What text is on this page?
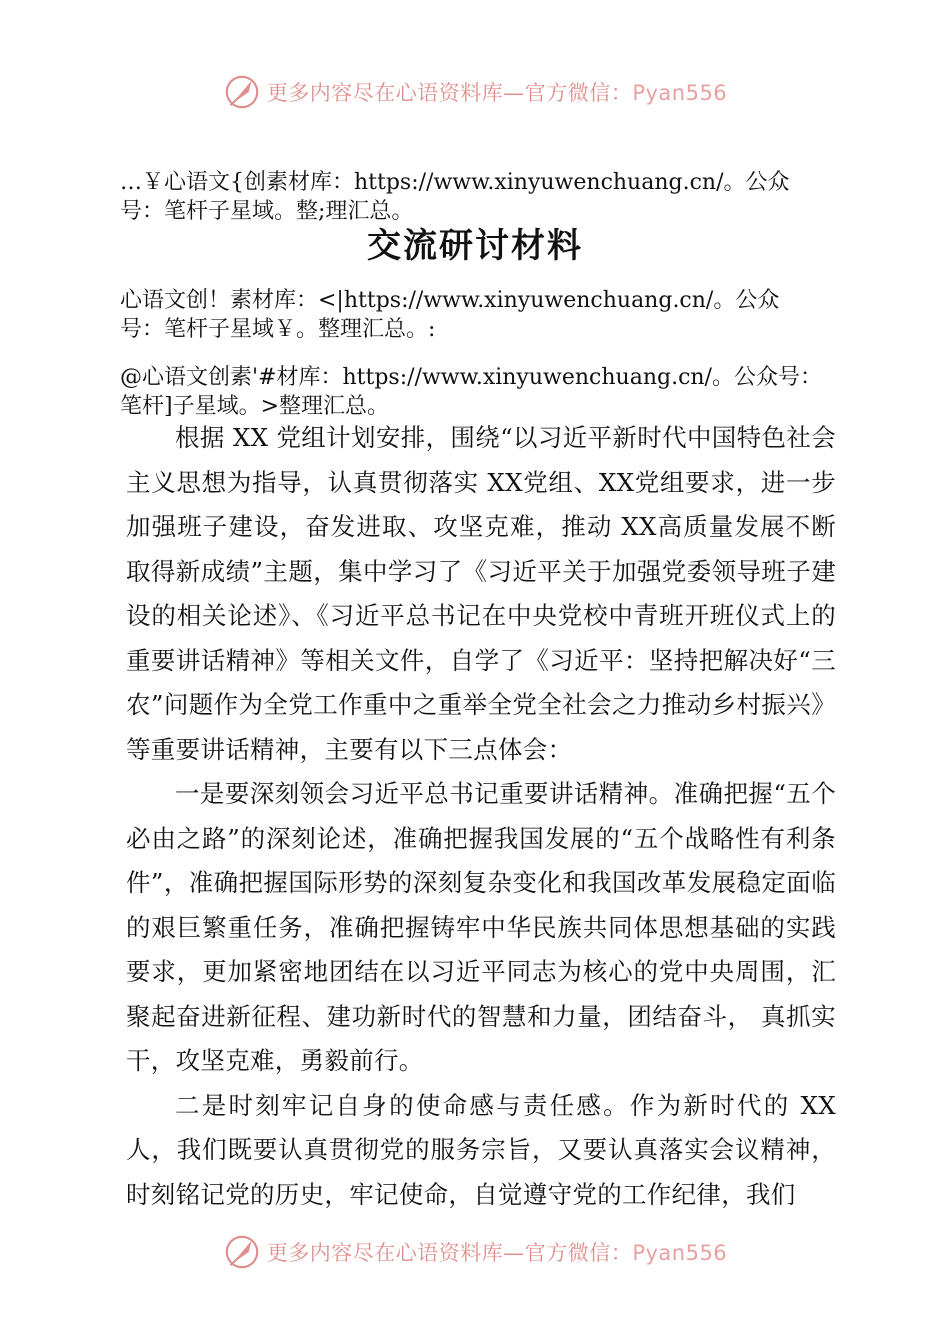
更多内容尽在心语资料库—官方微信：Pyan556
…￥心语文{创素材库：https://www.xinyuwenchuang.cn/。公众
号：笔杆子星域。整;理汇总。
交流研讨材料
心语文创！素材库：<|https://www.xinyuwenchuang.cn/。公众
号：笔杆子星域￥。整理汇总。:
@心语文创素'#材库：https://www.xinyuwenchuang.cn/。公众号：
笔杆]子星域。>整理汇总。

根据 XX 党组计划安排，围绕“以习近平新时代中国特色社会主义思想为指导，认真贯彻落实 XX党组、XX党组要求，进一步加强班子建设，奋发进取、攻坚克难，推动 XX高质量发展不断取得新成绩”主题，集中学习了《习近平关于加强党委领导班子建设的相关论述》、《习近平总书记在中央党校中青班开班仪式上的重要讲话精神》等相关文件，自学了《习近平：坚持把解决好“三农”问题作为全党工作重中之重举全党全社会之力推动乡村振兴》等重要讲话精神，主要有以下三点体会：

一是要深刻领会习近平总书记重要讲话精神。准确把握“五个必由之路”的深刻论述，准确把握我国发展的“五个战略性有利条件”，准确把握国际形势的深刻复杂变化和我国改革发展稳定面临的艰巨繁重任务，准确把握铸牢中华民族共同体思想基础的实践要求，更加紧密地团结在以习近平同志为核心的党中央周围，汇聚起奋进新征程、建功新时代的智慧和力量，团结奋斗， 真抓实干，攻坚克难，勇毅前行。

二是时刻牢记自身的使命感与责任感。作为新时代的 XX人，我们既要认真贯彻党的服务宗旨，又要认真落实会议精神， 时刻铭记党的历史，牢记使命，自觉遵守党的工作纪律，我们

更多内容尽在心语资料库—官方微信：Pyan556
